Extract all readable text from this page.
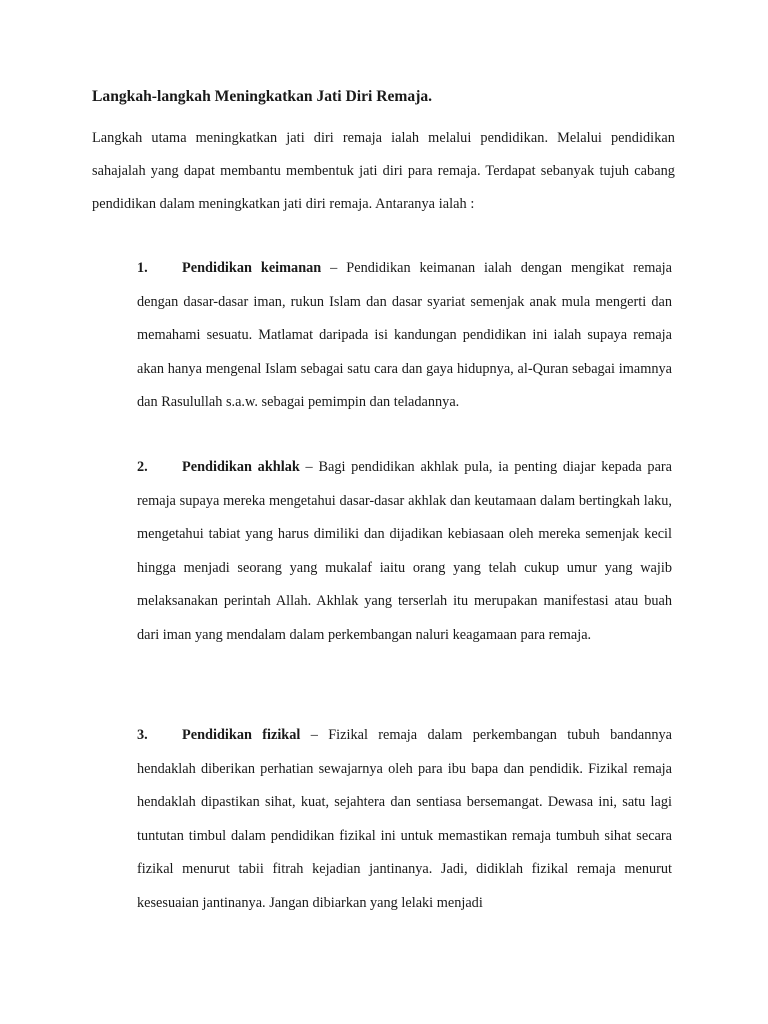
Langkah-langkah Meningkatkan Jati Diri Remaja.

Langkah utama meningkatkan jati diri remaja ialah melalui pendidikan. Melalui pendidikan sahajalah yang dapat membantu membentuk jati diri para remaja. Terdapat sebanyak tujuh cabang pendidikan dalam meningkatkan jati diri remaja. Antaranya ialah :

1. Pendidikan keimanan – Pendidikan keimanan ialah dengan mengikat remaja dengan dasar-dasar iman, rukun Islam dan dasar syariat semenjak anak mula mengerti dan memahami sesuatu. Matlamat daripada isi kandungan pendidikan ini ialah supaya remaja akan hanya mengenal Islam sebagai satu cara dan gaya hidupnya, al-Quran sebagai imamnya dan Rasulullah s.a.w. sebagai pemimpin dan teladannya.

2. Pendidikan akhlak – Bagi pendidikan akhlak pula, ia penting diajar kepada para remaja supaya mereka mengetahui dasar-dasar akhlak dan keutamaan dalam bertingkah laku, mengetahui tabiat yang harus dimiliki dan dijadikan kebiasaan oleh mereka semenjak kecil hingga menjadi seorang yang mukalaf iaitu orang yang telah cukup umur yang wajib melaksanakan perintah Allah. Akhlak yang terserlah itu merupakan manifestasi atau buah dari iman yang mendalam dalam perkembangan naluri keagamaan para remaja.

3. Pendidikan fizikal – Fizikal remaja dalam perkembangan tubuh bandannya hendaklah diberikan perhatian sewajarnya oleh para ibu bapa dan pendidik. Fizikal remaja hendaklah dipastikan sihat, kuat, sejahtera dan sentiasa bersemangat. Dewasa ini, satu lagi tuntutan timbul dalam pendidikan fizikal ini untuk memastikan remaja tumbuh sihat secara fizikal menurut tabii fitrah kejadian jantinanya. Jadi, didiklah fizikal remaja menurut kesesuaian jantinanya. Jangan dibiarkan yang lelaki menjadi
